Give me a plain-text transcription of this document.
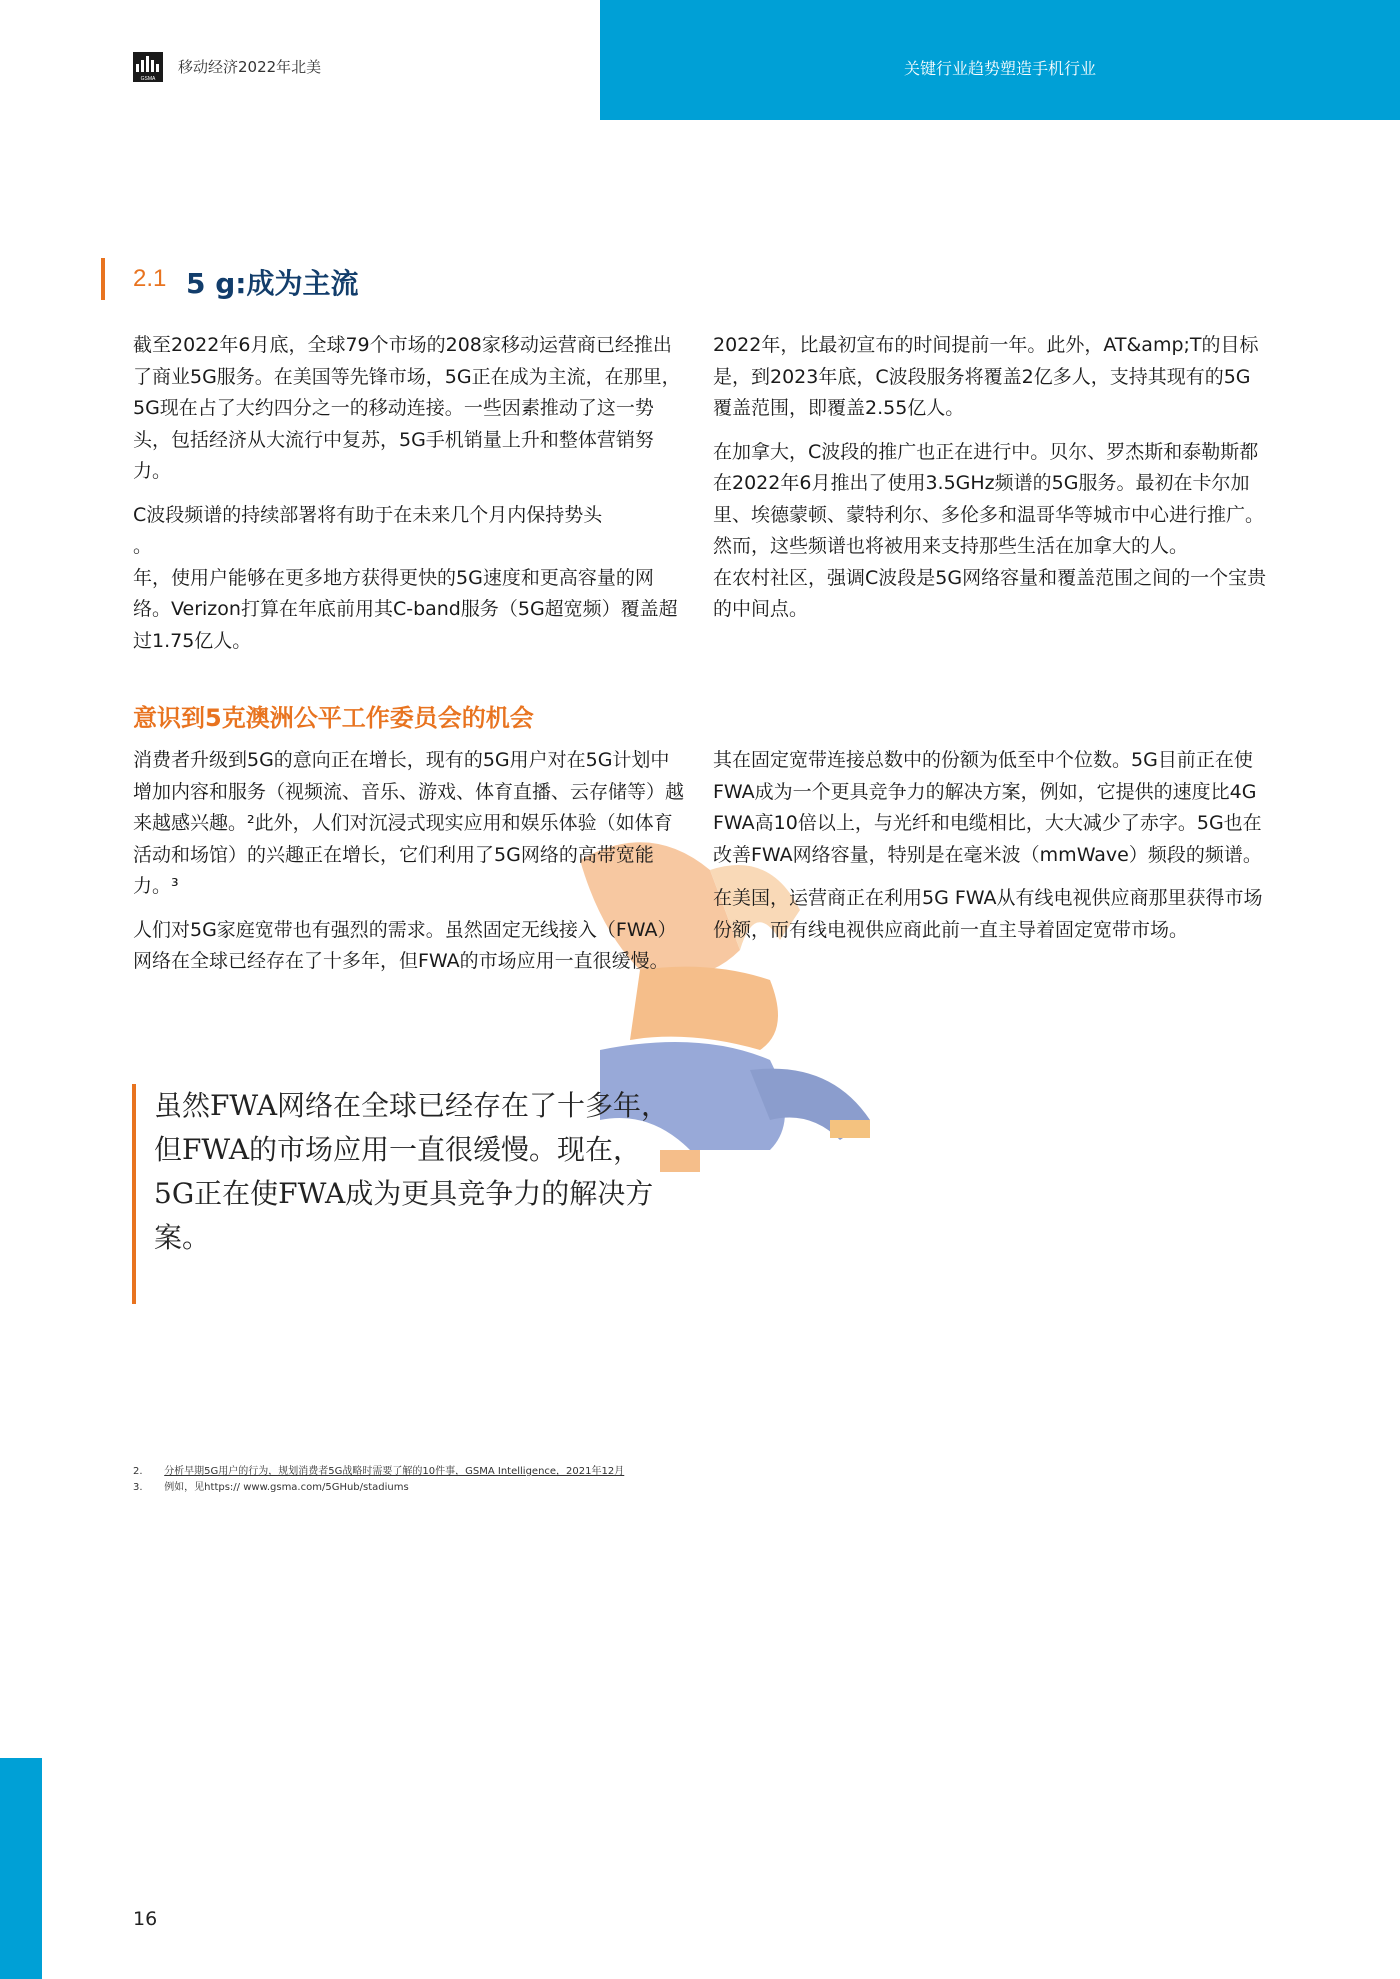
GSMA
移动经济2022年北美	关键行业趋势塑造手机行业
2.1 5 g:成为主流

截至2022年6月底，全球79个市场的208家移动运营商已经推出了商业5G服务。在美国等先锋市场，5G正在成为主流，在那里，5G现在占了大约四分之一的移动连接。一些因素推动了这一势头，包括经济从大流行中复苏，5G手机销量上升和整体营销努力。

C波段频谱的持续部署将有助于在未来几个月内保持势头

。

年，使用户能够在更多地方获得更快的5G速度和更高容量的网络。Verizon打算在年底前用其C-band服务（5G超宽频）覆盖超过1.75亿人。

2022年，比最初宣布的时间提前一年。此外，AT&amp;T的目标是，到2023年底，C波段服务将覆盖2亿多人，支持其现有的5G覆盖范围，即覆盖2.55亿人。

在加拿大，C波段的推广也正在进行中。贝尔、罗杰斯和泰勒斯都在2022年6月推出了使用3.5GHz频谱的5G服务。最初在卡尔加里、埃德蒙顿、蒙特利尔、多伦多和温哥华等城市中心进行推广。然而，这些频谱也将被用来支持那些生活在加拿大的人。

在农村社区，强调C波段是5G网络容量和覆盖范围之间的一个宝贵的中间点。

意识到5克澳洲公平工作委员会的机会

消费者升级到5G的意向正在增长，现有的5G用户对在5G计划中增加内容和服务（视频流、音乐、游戏、体育直播、云存储等）越来越感兴趣。²此外，人们对沉浸式现实应用和娱乐体验（如体育活动和场馆）的兴趣正在增长，它们利用了5G网络的高带宽能力。³

人们对5G家庭宽带也有强烈的需求。虽然固定无线接入（FWA）网络在全球已经存在了十多年，但FWA的市场应用一直很缓慢。

其在固定宽带连接总数中的份额为低至中个位数。5G目前正在使FWA成为一个更具竞争力的解决方案，例如，它提供的速度比4G FWA高10倍以上，与光纤和电缆相比，大大减少了赤字。5G也在改善FWA网络容量，特别是在毫米波（mmWave）频段的频谱。

在美国，运营商正在利用5G FWA从有线电视供应商那里获得市场份额，而有线电视供应商此前一直主导着固定宽带市场。

虽然FWA网络在全球已经存在了十多年，但FWA的市场应用一直很缓慢。现在，5G正在使FWA成为更具竞争力的解决方案。
2. 分析早期5G用户的行为，规划消费者5G战略时需要了解的10件事，GSMA Intelligence，2021年12月
3. 例如，见https:// www.gsma.com/5GHub/stadiums
16
